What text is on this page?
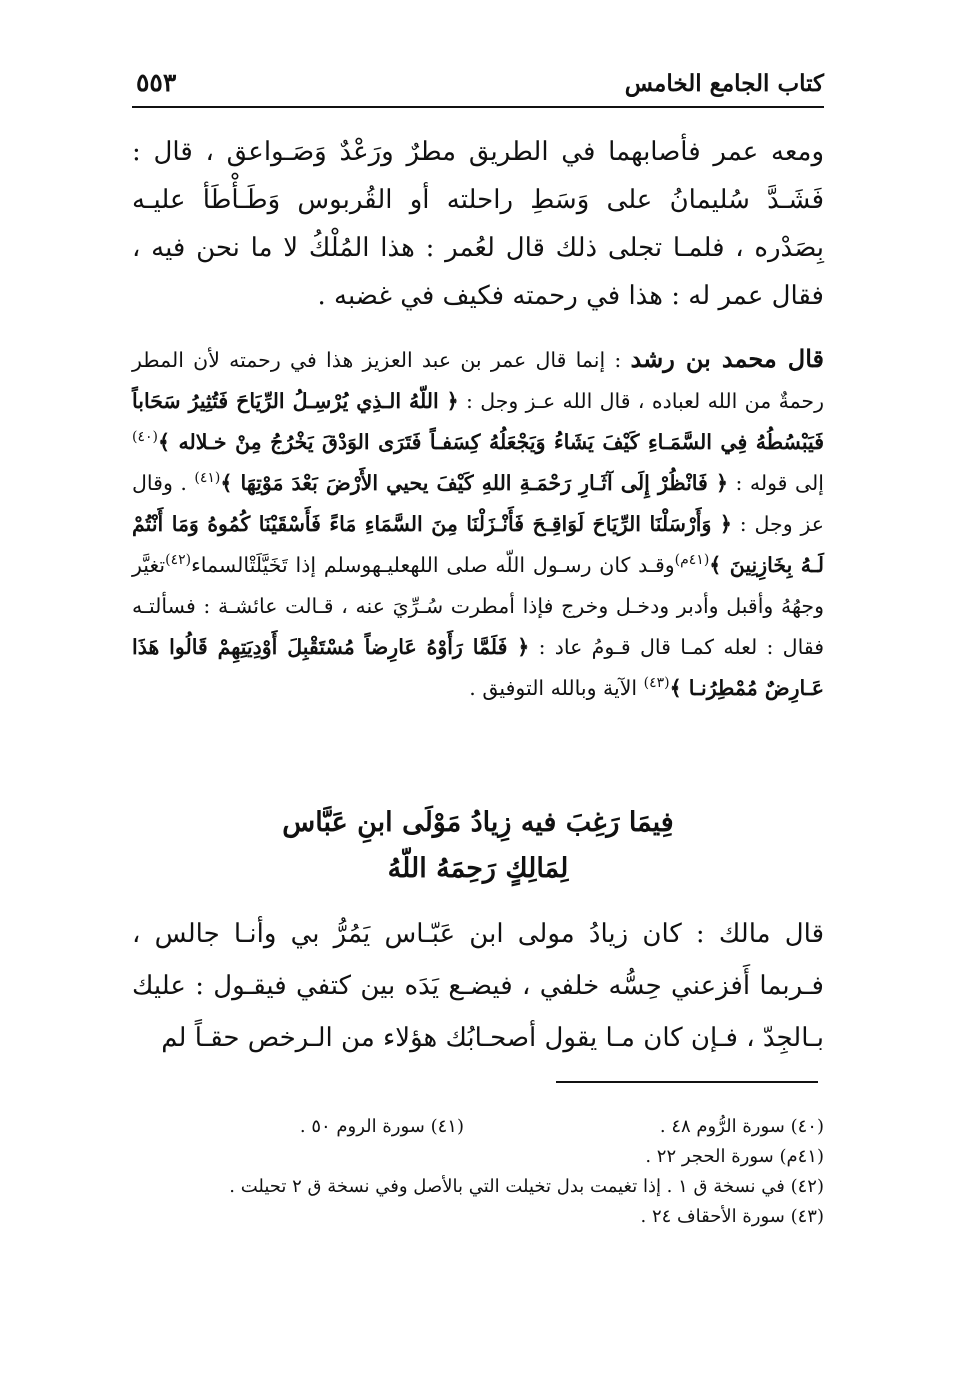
كتاب الجامع الخامس
٥٥٣
ومعه عمر فأصابهما في الطريق مطرٌ ورَعْدٌ وَصَـواعق ، قال : فَشَـدَّ سُليمانُ على وَسَطِ راحلته أو القُربوس وَطَـأْطَأ عليـه بِصَدْره ، فلمـا تجلى ذلك قال لعُمر : هذا المُلْكُ لا ما نحن فيه ، فقال عمر له : هذا في رحمته فكيف في غضبه .
قال محمد بن رشد : إنما قال عمر بن عبد العزيز هذا في رحمته لأن المطر رحمةٌ من الله لعباده ، قال الله عـز وجل : ﴿ اللّهُ الـذِي يُرْسِـلُ الرِّيَاحَ فَتُثِيرُ سَحَاباً فَيَبْسُطُهُ فِي السَّمَـاءِ كَيْفَ يَشَاءُ وَيَجْعَلُهُ كِسَفـاً فَتَرَى الوَدْقَ يَخْرُجُ مِنْ خـلاله ﴾$^{(٤٠)}$ إلى قوله : ﴿ فَانْظُرْ إِلَى آثَـارِ رَحْمَـةِ اللهِ كَيْفَ يحيي الأَرْضَ بَعْدَ مَوْتِهَا ﴾$^{(٤١)}$ . وقال عز وجل : ﴿ وَأَرْسَلْنَا الرِّيَاحَ لَوَاقِـحَ فَأَنْـزَلْنَا مِنَ السَّمَاءِ مَاءً فَأَسْقَيْنَا كُمُوهُ وَمَا أَنْتُمْ لَـهُ بِخَازِنِينَ ﴾$^{(٤١م)}$وقـد كان رسـول اللّه صلى اللهعليـهوسلم إذا تَخَيَّلَتْالسماء$^{(٤٢)}$تغيَّر وجهُهُ وأقبل وأدبر ودخـل وخرج فإذا أمطرت سُـرِّيَ عنه ، قـالت عائشـة : فسألتـه فقال : لعله كمـا قال قـومُ عاد : ﴿ فَلَمَّا رَأَوْهُ عَارِضاً مُسْتَقْبِلَ أَوْدِيَتِهِمْ قَالُوا هَذَا عَـارِضٌ مُمْطِرُنـا ﴾$^{(٤٣)}$ الآية وبالله التوفيق .
فِيمَا رَغِبَ فيه زِيادُ مَوْلَى ابنِ عَبَّاس
لِمَالِكٍ رَحِمَهُ اللّهُ
قال مالك : كان زيادُ مولى ابن عَبّـاس يَمُرُّ بي وأنـا جالس ، فـربما أَفزعني حِسُّه خلفي ، فيضـع يَدَه بين كتفي فيقـول : عليك بـالجِدّ ، فـإن كان مـا يقول أصحـابُك هؤلاء من الـرخص حقـاً لم
(٤٠) سورة الرُّوم ٤٨ .
(٤١) سورة الروم ٥٠ .
(٤١م) سورة الحجر ٢٢ .
(٤٢) في نسخة ق ١ . إذا تغيمت بدل تخيلت التي بالأصل وفي نسخة ق ٢ تحيلت .
(٤٣) سورة الأحقاف ٢٤ .
